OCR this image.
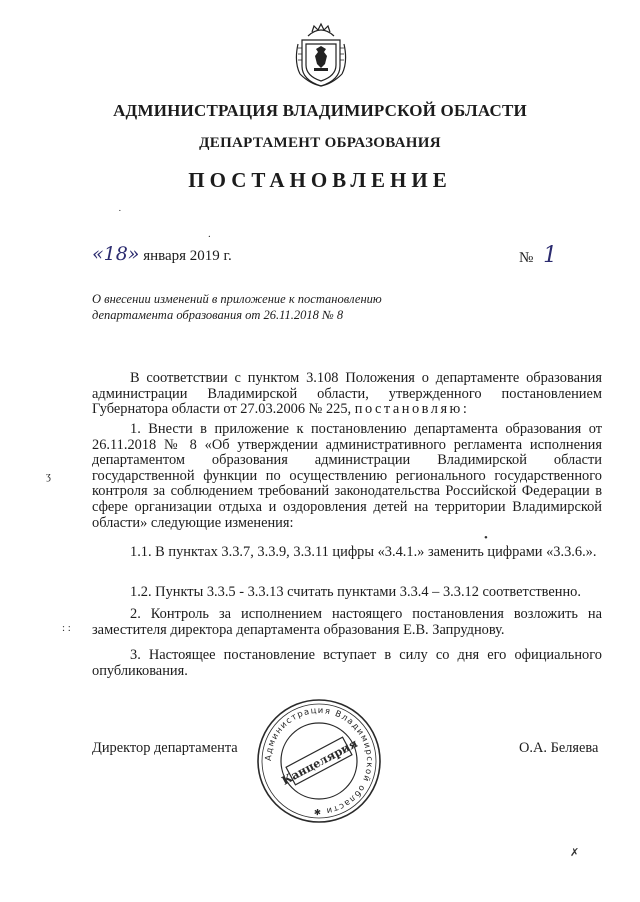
АДМИНИСТРАЦИЯ ВЛАДИМИРСКОЙ ОБЛАСТИ
ДЕПАРТАМЕНТ ОБРАЗОВАНИЯ
ПОСТАНОВЛЕНИЕ
˙
.
«18» января 2019 г.	№ 1
О внесении изменений в приложение к постановлению
департамента образования от 26.11.2018 № 8
В соответствии с пунктом 3.108 Положения о департаменте образования администрации Владимирской области, утвержденного постановлением Губернатора области от 27.03.2006 № 225, постановляю:
1. Внести в приложение к постановлению департамента образования от 26.11.2018 № 8 «Об утверждении административного регламента исполнения департаментом образования администрации Владимирской области государственной функции по осуществлению регионального государственного контроля за соблюдением требований законодательства Российской Федерации в сфере организации отдыха и оздоровления детей на территории Владимирской области» следующие изменения:
1.1. В пунктах 3.3.7, 3.3.9, 3.3.11 цифры «3.4.1.» заменить цифрами «3.3.6.».
1.2. Пункты 3.3.5 - 3.3.13 считать пунктами 3.3.4 – 3.3.12 соответственно.
2. Контроль за исполнением настоящего постановления возложить на заместителя директора департамента образования Е.В. Запруднову.
3. Настоящее постановление вступает в силу со дня его официального опубликования.
ʒ
: :
•
Администрация Владимирской области ✱
Канцелярия
Директор департамента	О.А. Беляева
✗
